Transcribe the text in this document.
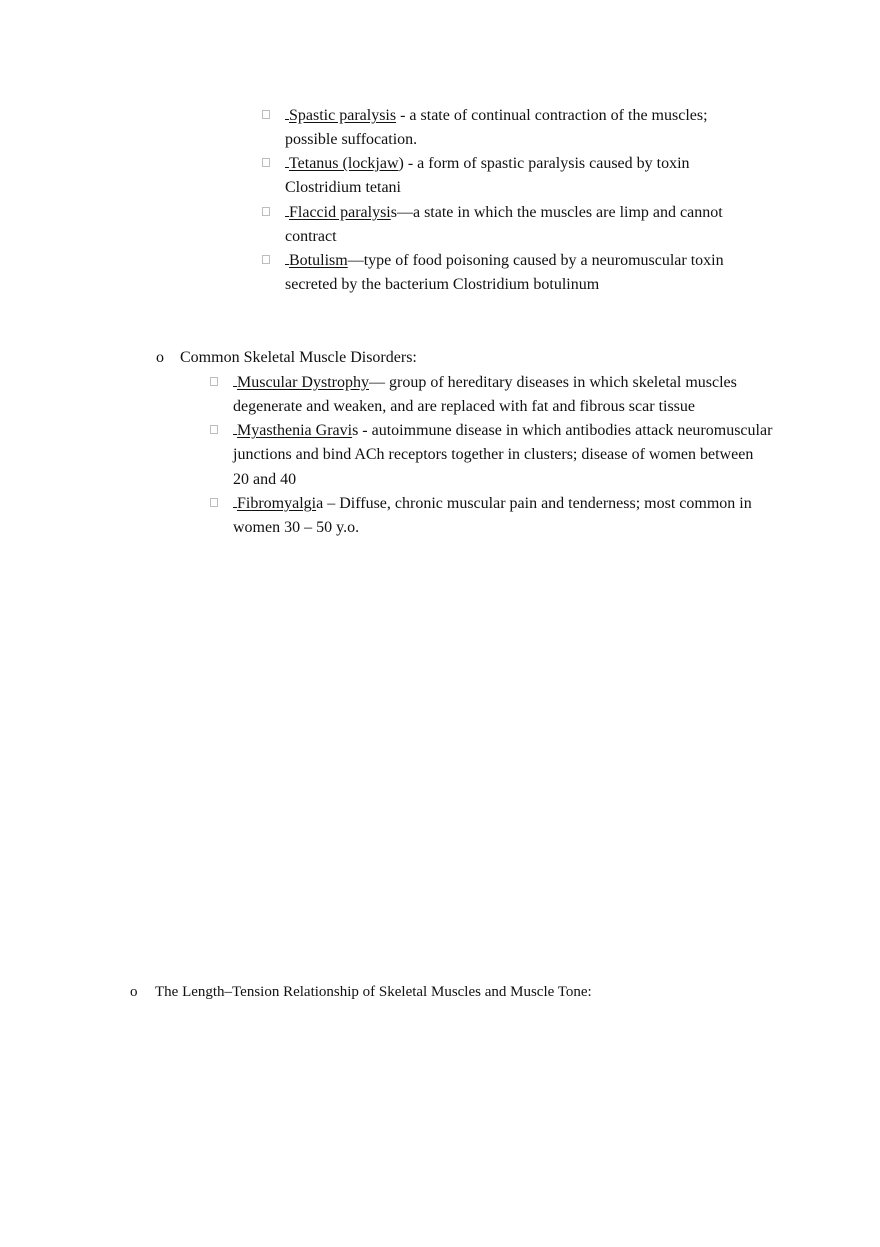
Spastic paralysis - a state of continual contraction of the muscles; possible suffocation.
Tetanus (lockjaw) - a form of spastic paralysis caused by toxin Clostridium tetani
Flaccid paralysis—a state in which the muscles are limp and cannot contract
Botulism—type of food poisoning caused by a neuromuscular toxin secreted by the bacterium Clostridium botulinum
o Common Skeletal Muscle Disorders:
Muscular Dystrophy— group of hereditary diseases in which skeletal muscles degenerate and weaken, and are replaced with fat and fibrous scar tissue
Myasthenia Gravis - autoimmune disease in which antibodies attack neuromuscular junctions and bind ACh receptors together in clusters; disease of women between 20 and 40
Fibromyalgia – Diffuse, chronic muscular pain and tenderness; most common in women 30 – 50 y.o.
o The Length–Tension Relationship of Skeletal Muscles and Muscle Tone:
